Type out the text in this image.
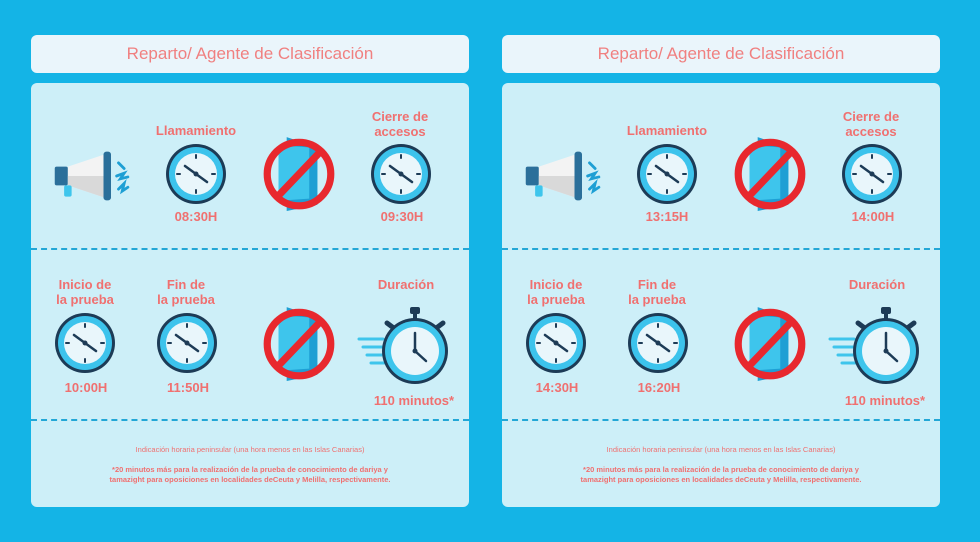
Reparto/ Agente de Clasificación
Llamamiento
08:30H
Cierre de
accesos
09:30H
Inicio de
la prueba
10:00H
Fin de
la prueba
11:50H
Duración
110 minutos*
Indicación horaria peninsular (una hora menos en las Islas Canarias)
*20 minutos más para la realización de la prueba de conocimiento de dariya y
tamazight para oposiciones en localidades deCeuta y Melilla, respectivamente.
Reparto/ Agente de Clasificación
Llamamiento
13:15H
Cierre de
accesos
14:00H
Inicio de
la prueba
14:30H
Fin de
la prueba
16:20H
Duración
110 minutos*
Indicación horaria peninsular (una hora menos en las Islas Canarias)
*20 minutos más para la realización de la prueba de conocimiento de dariya y
tamazight para oposiciones en localidades deCeuta y Melilla, respectivamente.
